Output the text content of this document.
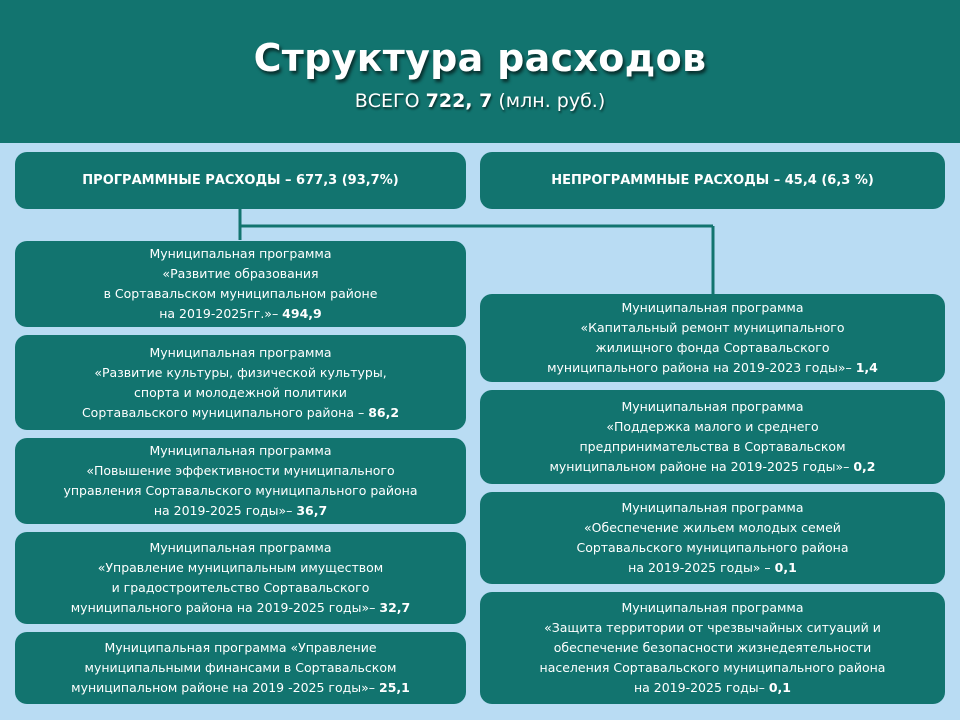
Структура расходов
ВСЕГО 722, 7 (млн. руб.)
ПРОГРАММНЫЕ РАСХОДЫ – 677,3 (93,7%)	НЕПРОГРАММНЫЕ РАСХОДЫ – 45,4 (6,3 %)
Муниципальная программа
«Развитие образования
в Сортавальском муниципальном районе
на 2019-2025гг.»– 494,9
Муниципальная программа
«Развитие культуры, физической культуры,
спорта и молодежной политики
Сортавальского муниципального района – 86,2
Муниципальная программа
«Повышение эффективности муниципального
управления Сортавальского муниципального района
на 2019-2025 годы»– 36,7
Муниципальная программа
«Управление муниципальным имуществом
и градостроительство Сортавальского
муниципального района на 2019-2025 годы»– 32,7
Муниципальная программа «Управление
муниципальными финансами в Сортавальском
муниципальном районе на 2019 -2025 годы»– 25,1
Муниципальная программа
«Капитальный ремонт муниципального
жилищного фонда Сортавальского
муниципального района на 2019-2023 годы»– 1,4
Муниципальная программа
«Поддержка малого и среднего
предпринимательства в Сортавальском
муниципальном районе на 2019-2025 годы»– 0,2
Муниципальная программа
«Обеспечение жильем молодых семей
Сортавальского муниципального района
на 2019-2025 годы» – 0,1
Муниципальная программа
«Защита территории от чрезвычайных ситуаций и
обеспечение безопасности жизнедеятельности
населения Сортавальского муниципального района
на 2019-2025 годы– 0,1
